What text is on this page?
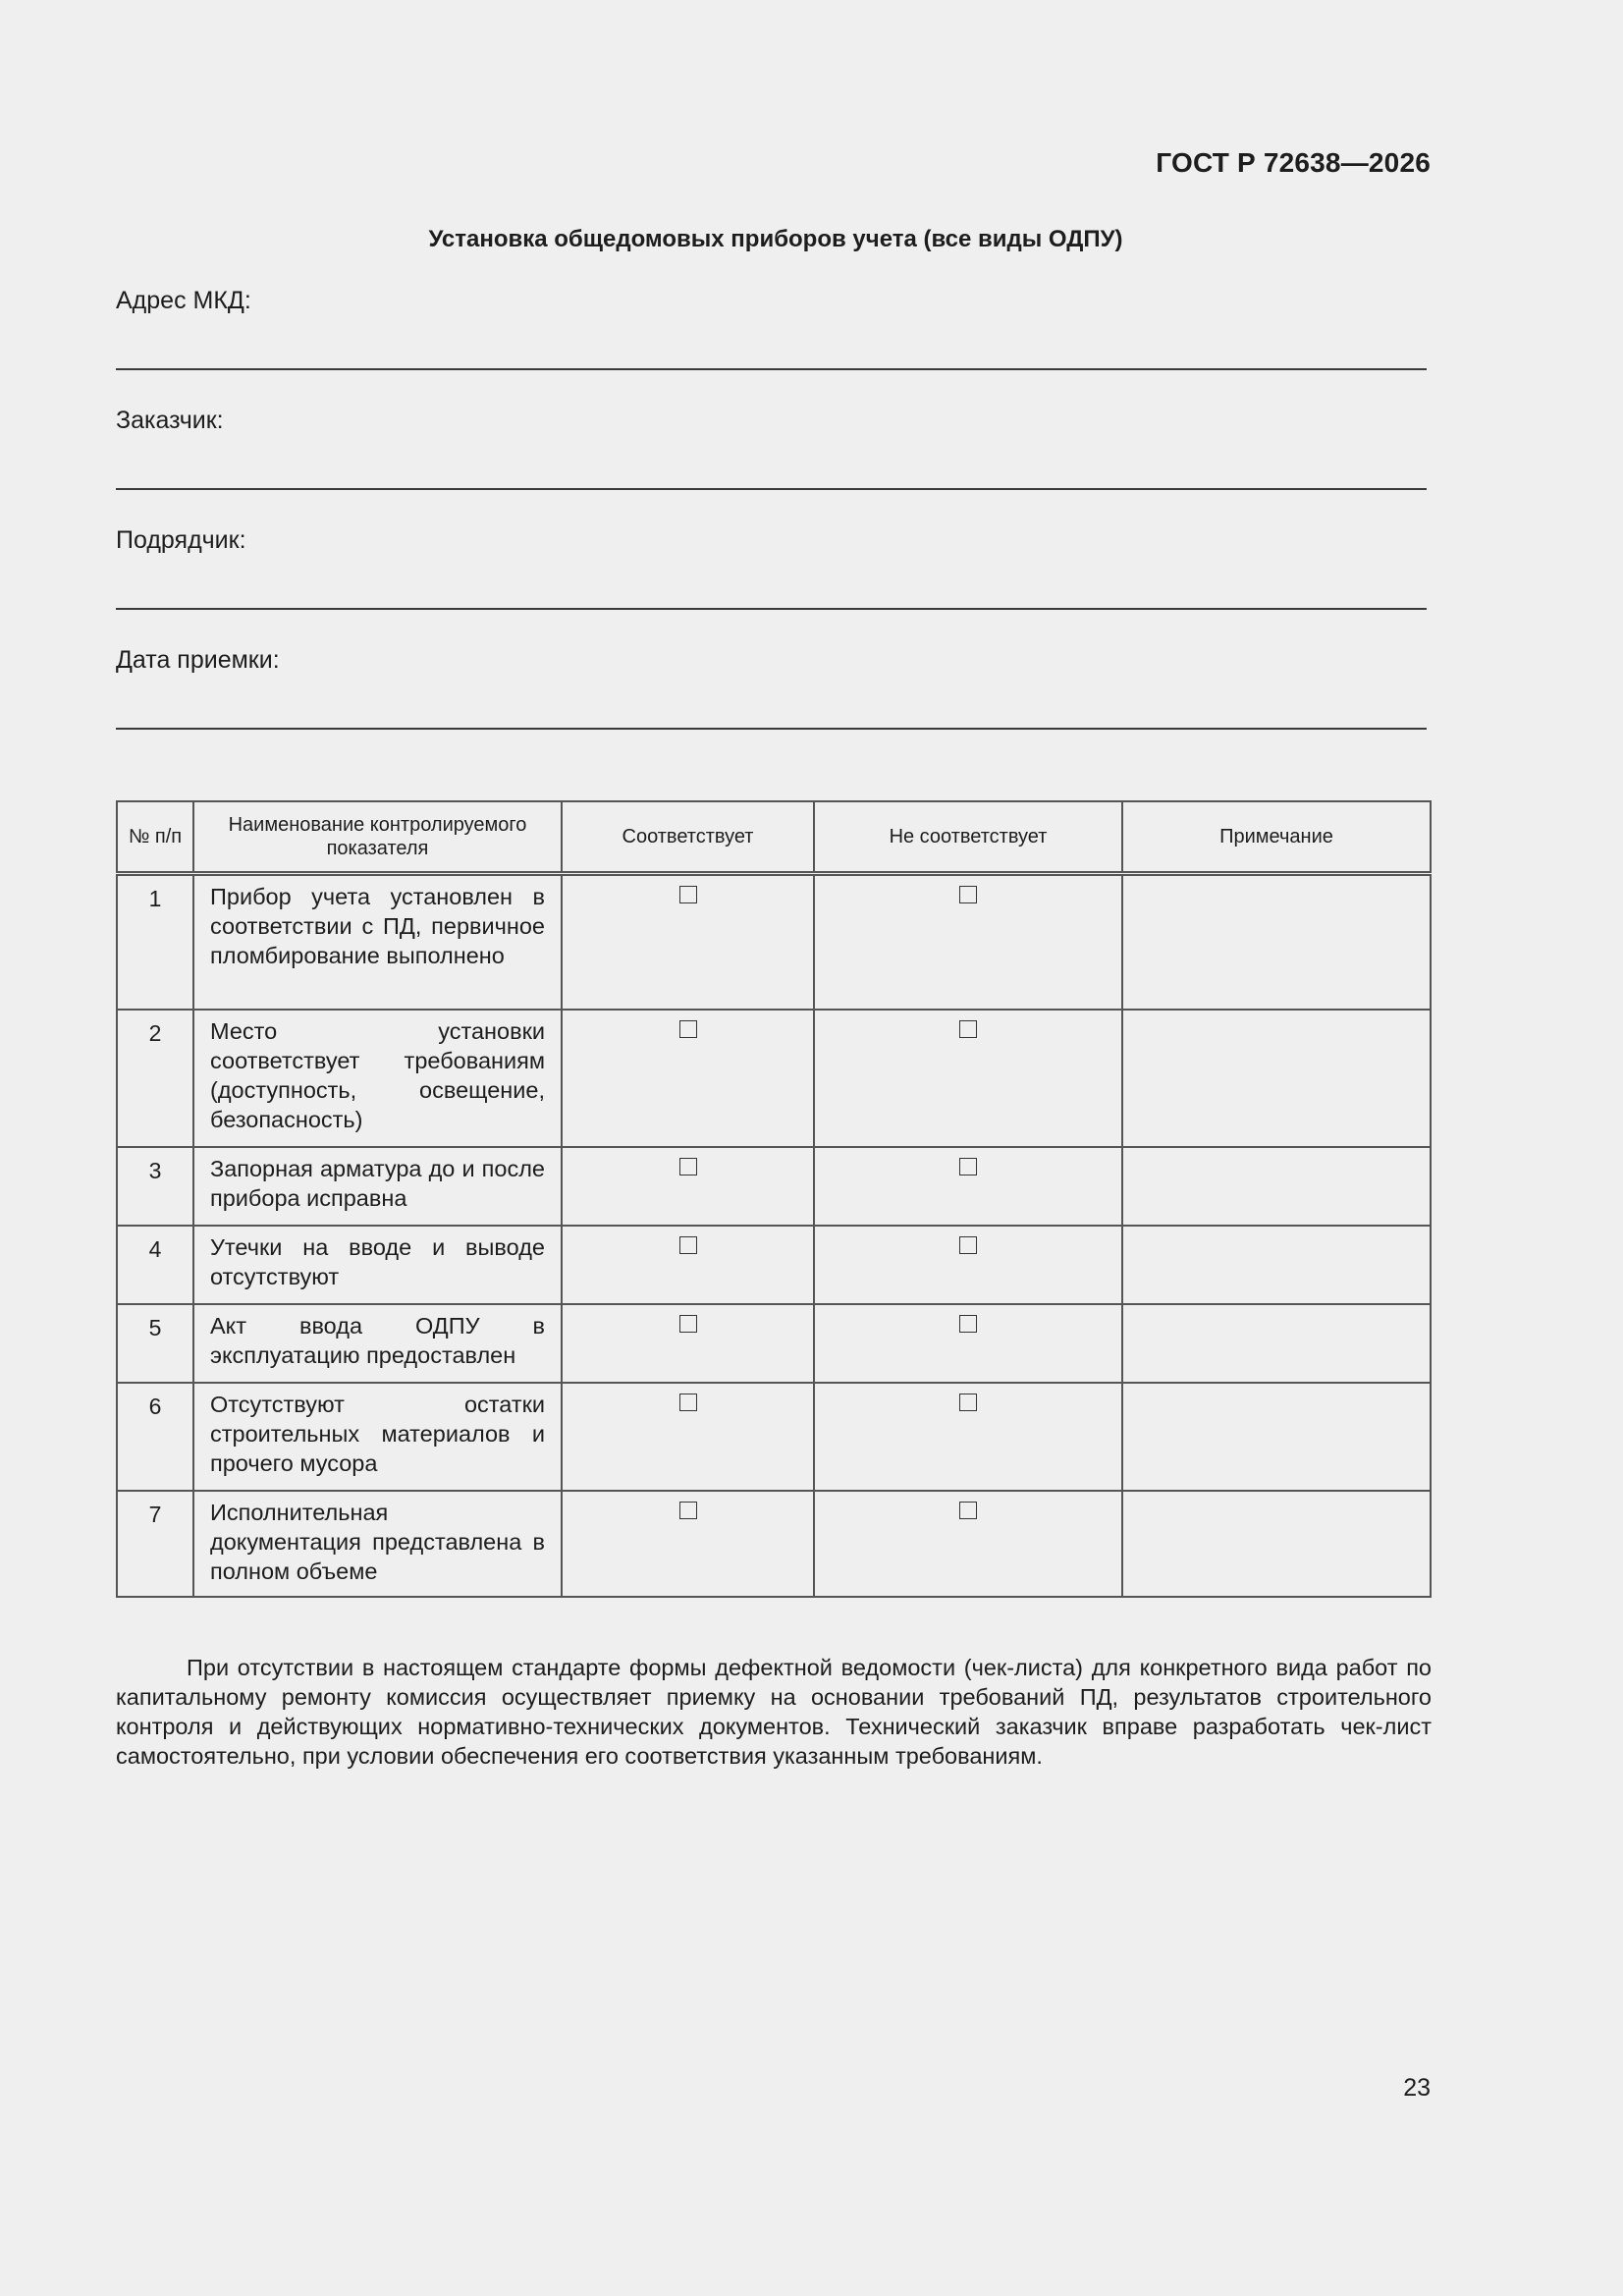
ГОСТ Р 72638—2026
Установка общедомовых приборов учета (все виды ОДПУ)
Адрес МКД:
Заказчик:
Подрядчик:
Дата приемки:
№ п/п	Наименование контролируемого показателя	Соответствует	Не соответствует	Примечание
1	Прибор учета установлен в соответствии с ПД, первичное пломбирование выполнено			
2	Место установки соответствует требованиям (доступность, освещение, безопасность)			
3	Запорная арматура до и после прибора исправна			
4	Утечки на вводе и выводе отсутствуют			
5	Акт ввода ОДПУ в эксплуатацию предоставлен			
6	Отсутствуют остатки строительных материалов и прочего мусора			
7	Исполнительная документация представлена в полном объеме			
При отсутствии в настоящем стандарте формы дефектной ведомости (чек-листа) для конкретного вида работ по капитальному ремонту комиссия осуществляет приемку на основании требований ПД, результатов строительного контроля и действующих нормативно-технических документов. Технический заказчик вправе разработать чек-лист самостоятельно, при условии обеспечения его соответствия указанным требованиям.
23
